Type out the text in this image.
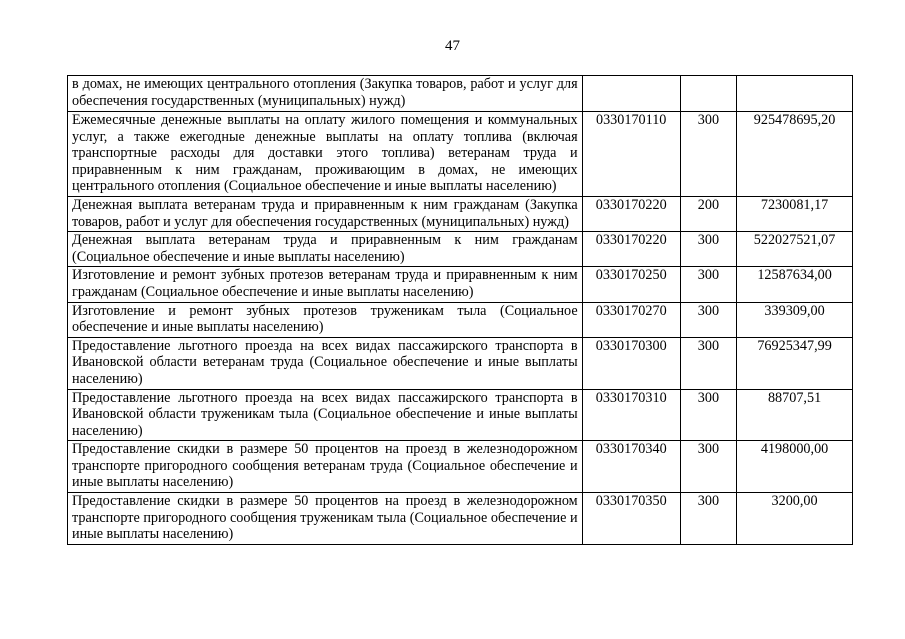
47
в домах, не имеющих центрального отопления (Закупка товаров, работ и услуг для обеспечения государственных (муниципальных) нужд)			
Ежемесячные денежные выплаты на оплату жилого помещения и коммунальных услуг, а также ежегодные денежные выплаты на оплату топлива (включая транспортные расходы для доставки этого топлива) ветеранам труда и приравненным к ним гражданам, проживающим в домах, не имеющих центрального отопления (Социальное обеспечение и иные выплаты населению)	0330170110	300	925478695,20
Денежная выплата ветеранам труда и приравненным к ним гражданам (Закупка товаров, работ и услуг для обеспечения государственных (муниципальных) нужд)	0330170220	200	7230081,17
Денежная выплата ветеранам труда и приравненным к ним гражданам (Социальное обеспечение и иные выплаты населению)	0330170220	300	522027521,07
Изготовление и ремонт зубных протезов ветеранам труда и приравненным к ним гражданам (Социальное обеспечение и иные выплаты населению)	0330170250	300	12587634,00
Изготовление и ремонт зубных протезов труженикам тыла (Социальное обеспечение и иные выплаты населению)	0330170270	300	339309,00
Предоставление льготного проезда на всех видах пассажирского транспорта в Ивановской области ветеранам труда (Социальное обеспечение и иные выплаты населению)	0330170300	300	76925347,99
Предоставление льготного проезда на всех видах пассажирского транспорта в Ивановской области труженикам тыла (Социальное обеспечение и иные выплаты населению)	0330170310	300	88707,51
Предоставление скидки в размере 50 процентов на проезд в железнодорожном транспорте пригородного сообщения ветеранам труда (Социальное обеспечение и иные выплаты населению)	0330170340	300	4198000,00
Предоставление скидки в размере 50 процентов на проезд в железнодорожном транспорте пригородного сообщения труженикам тыла (Социальное обеспечение и иные выплаты населению)	0330170350	300	3200,00
